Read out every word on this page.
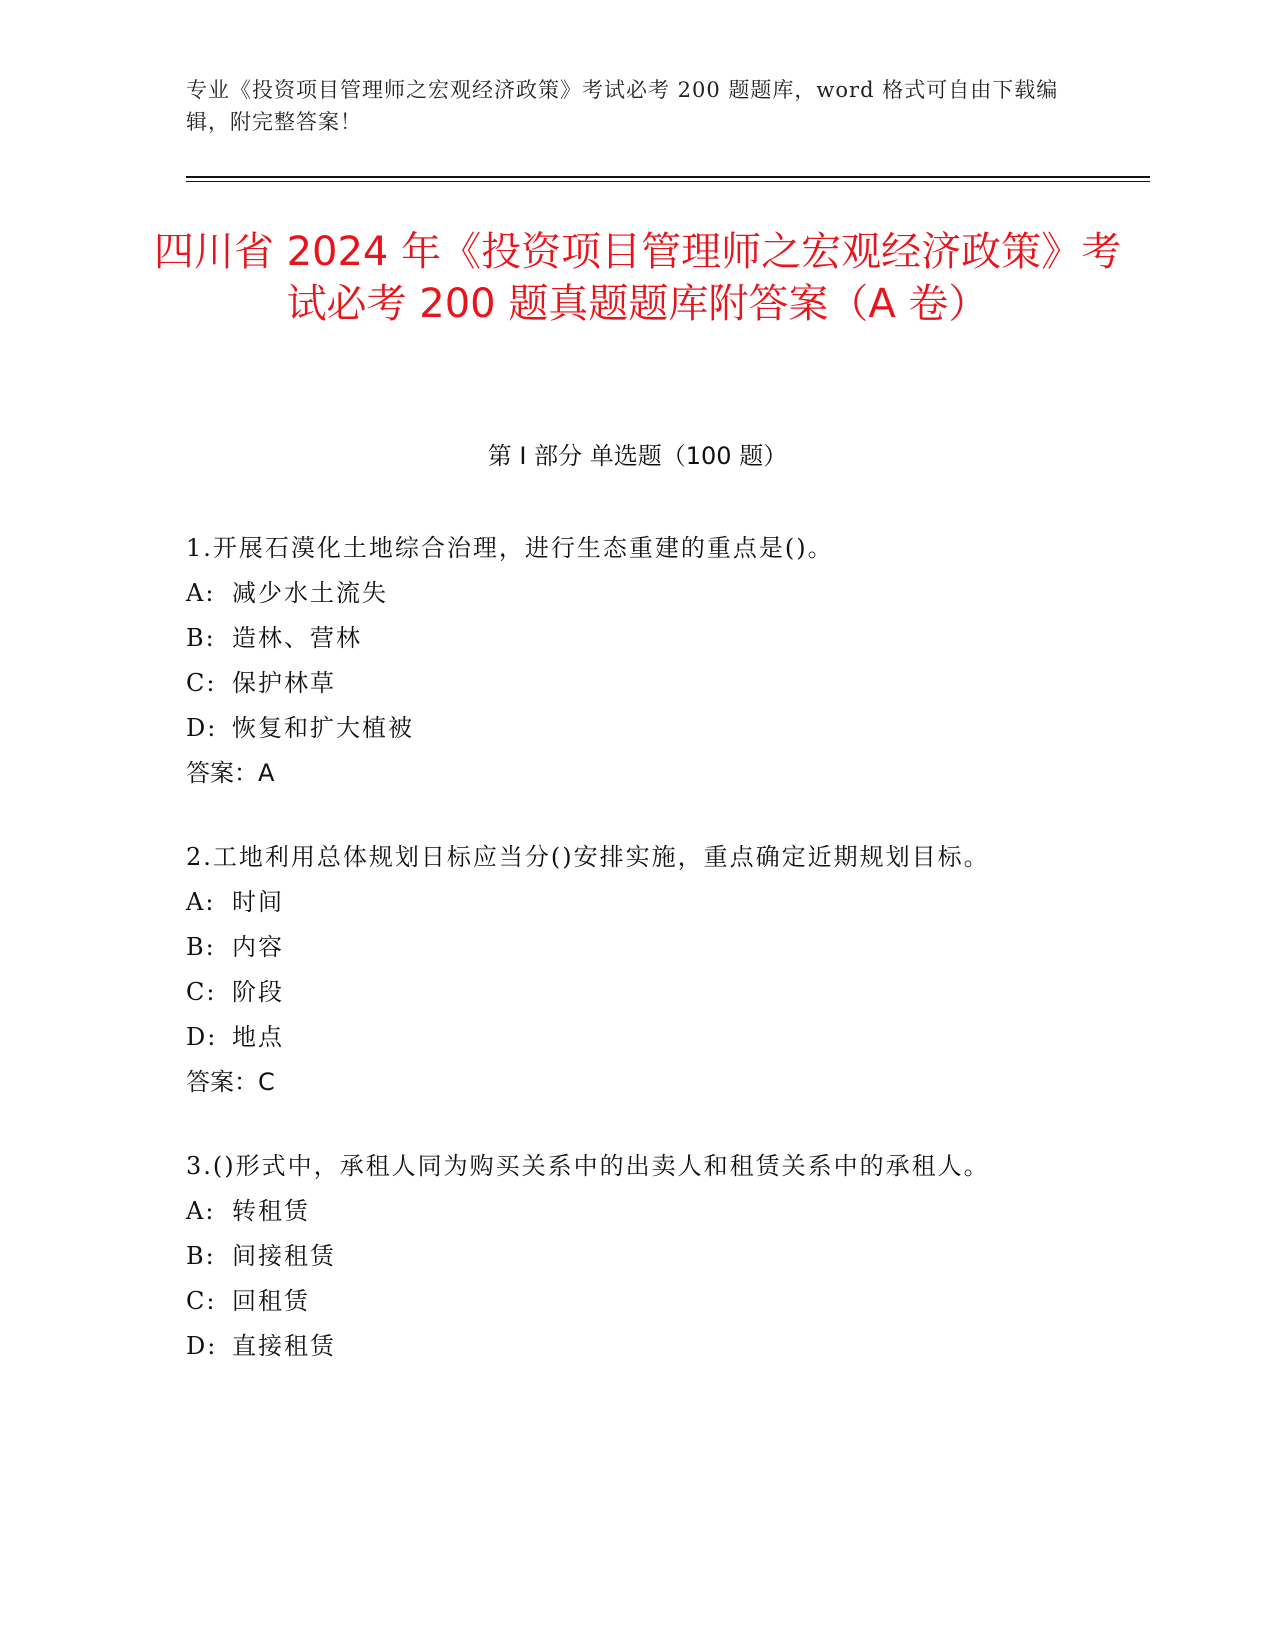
专业《投资项目管理师之宏观经济政策》考试必考 200 题题库，word 格式可自由下载编辑，附完整答案！
四川省 2024 年《投资项目管理师之宏观经济政策》考试必考 200 题真题题库附答案（A 卷）
第 I 部分 单选题（100 题）
1.开展石漠化土地综合治理，进行生态重建的重点是()。
A: 减少水土流失
B: 造林、营林
C: 保护林草
D: 恢复和扩大植被
答案：A
2.工地利用总体规划日标应当分()安排实施，重点确定近期规划目标。
A: 时间
B: 内容
C: 阶段
D: 地点
答案：C
3.()形式中，承租人同为购买关系中的出卖人和租赁关系中的承租人。
A: 转租赁
B: 间接租赁
C: 回租赁
D: 直接租赁
